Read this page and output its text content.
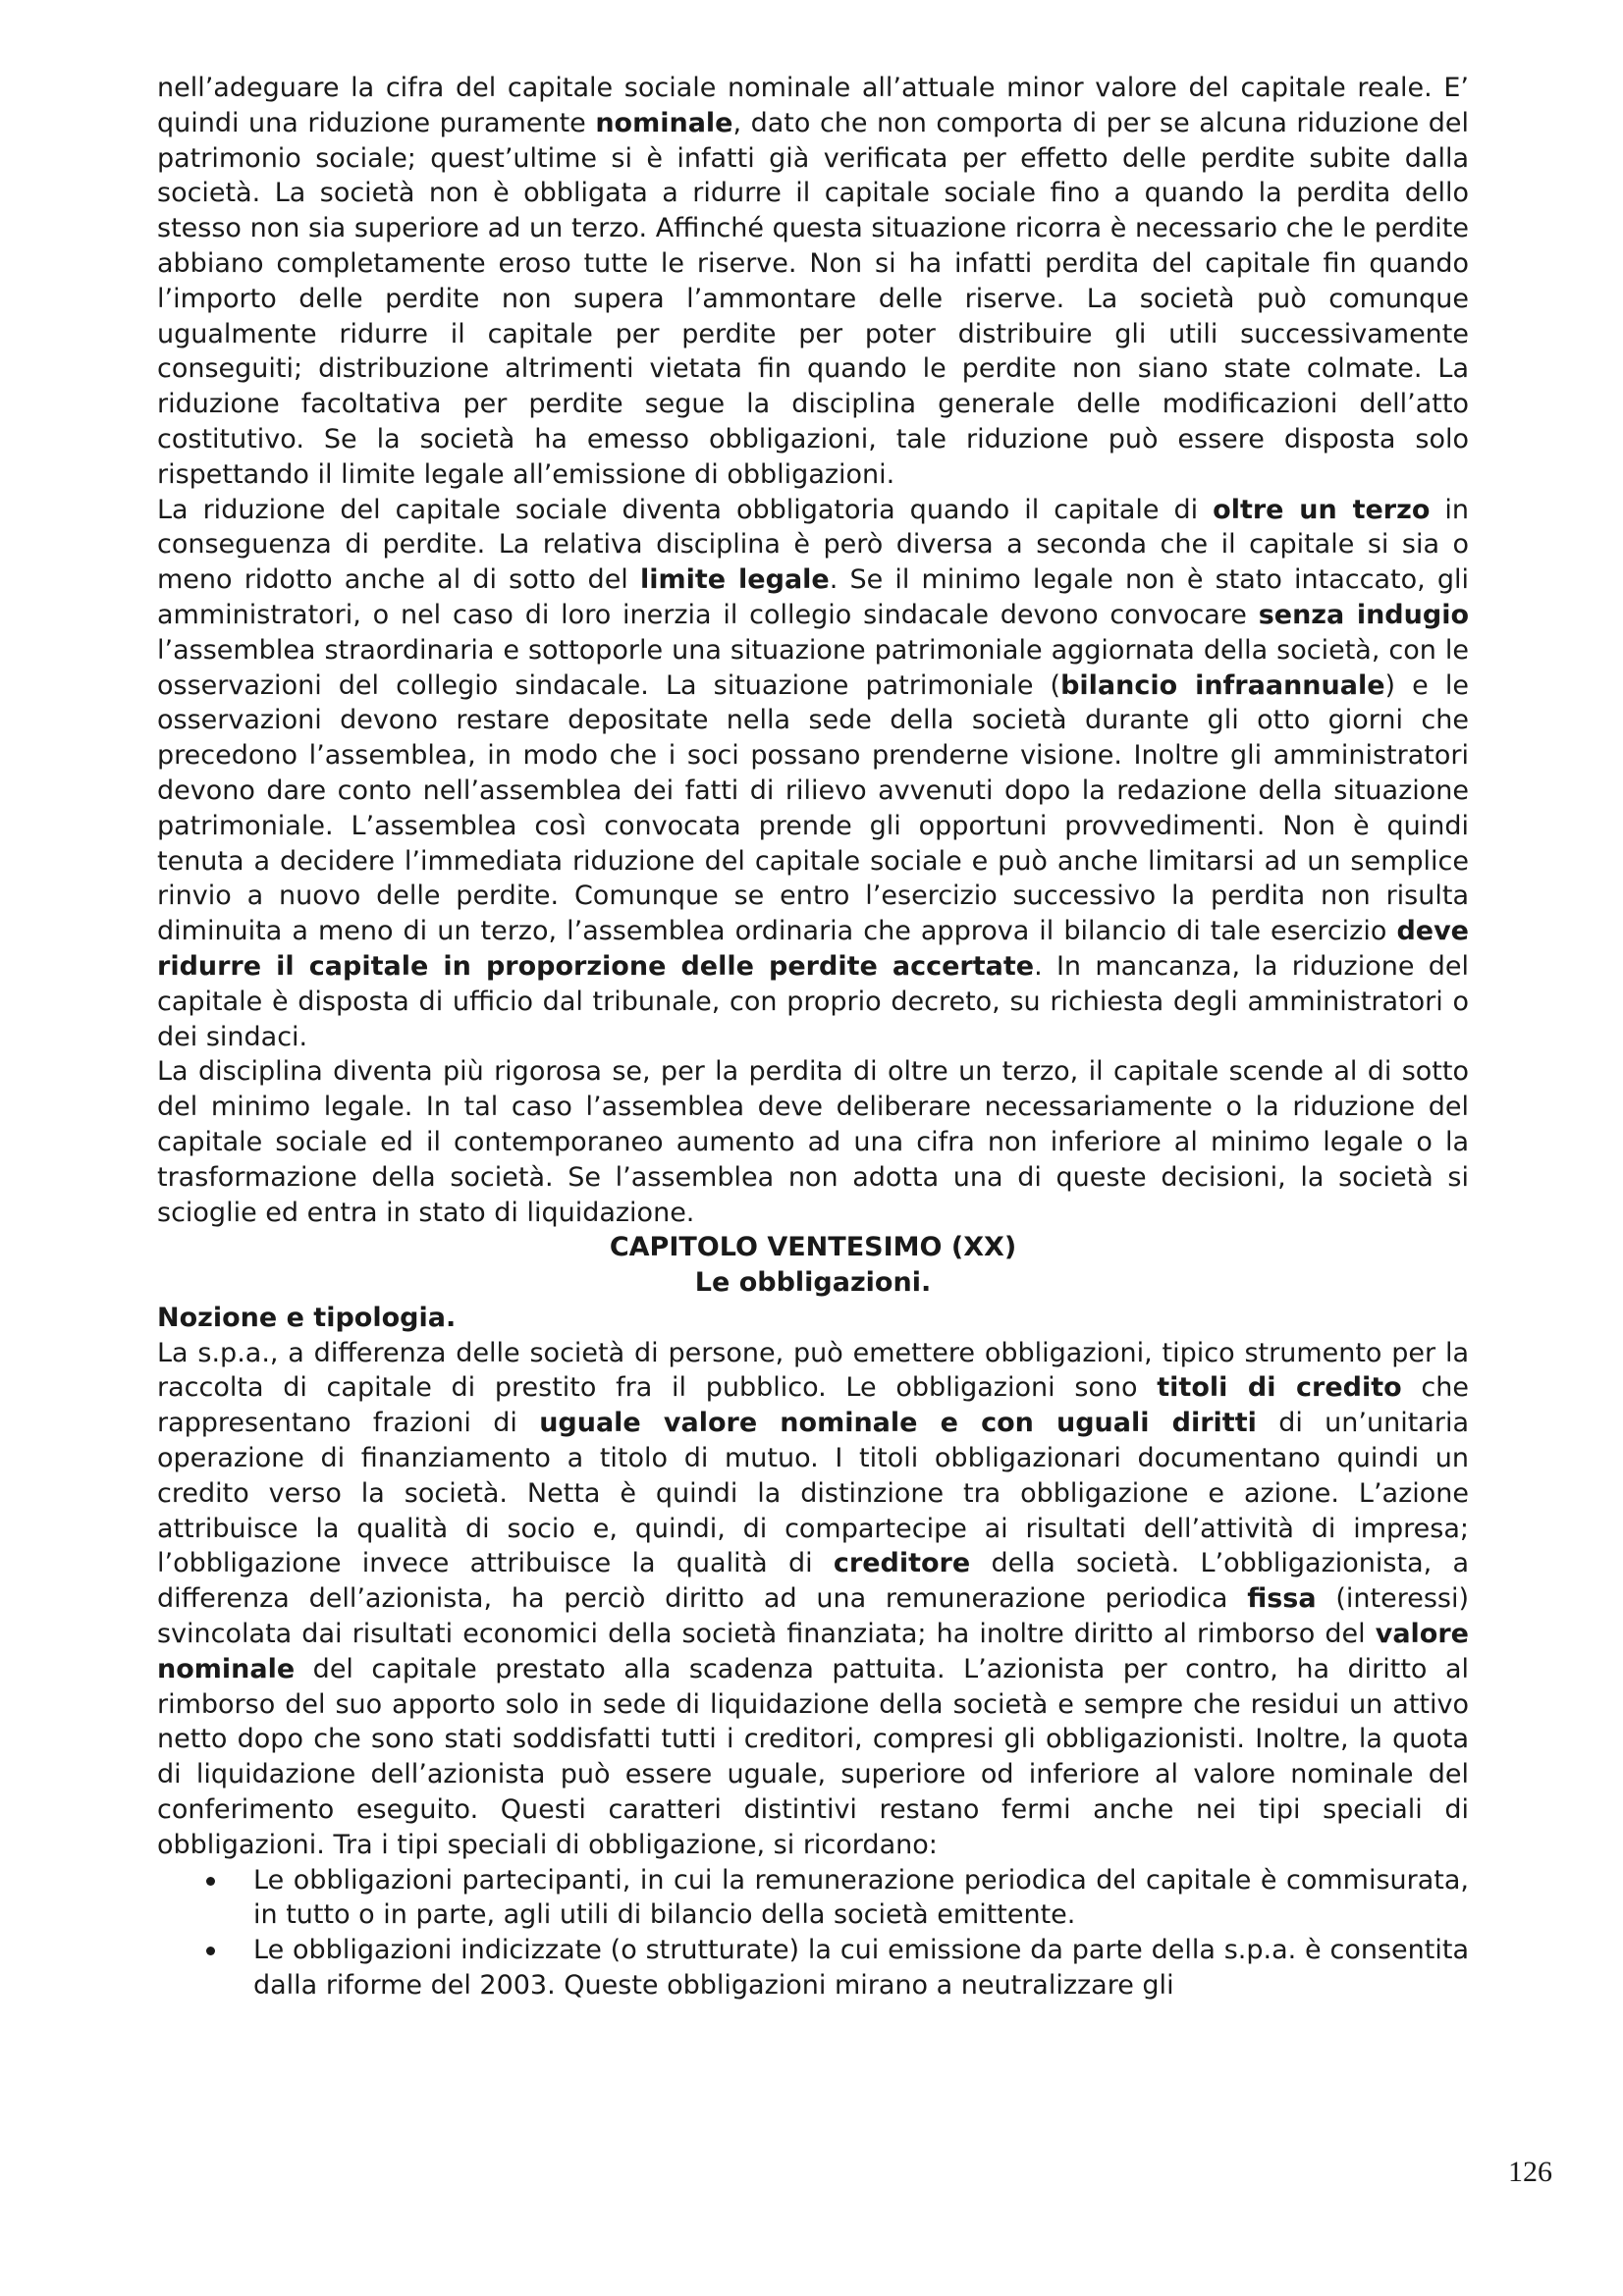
nell’adeguare la cifra del capitale sociale nominale all’attuale minor valore del capitale reale. E’ quindi una riduzione puramente nominale, dato che non comporta di per se alcuna riduzione del patrimonio sociale; quest’ultime si è infatti già verificata per effetto delle perdite subite dalla società. La società non è obbligata a ridurre il capitale sociale fino a quando la perdita dello stesso non sia superiore ad un terzo. Affinché questa situazione ricorra è necessario che le perdite abbiano completamente eroso tutte le riserve. Non si ha infatti perdita del capitale fin quando l’importo delle perdite non supera l’ammontare delle riserve. La società può comunque ugualmente ridurre il capitale per perdite per poter distribuire gli utili successivamente conseguiti; distribuzione altrimenti vietata fin quando le perdite non siano state colmate. La riduzione facoltativa per perdite segue la disciplina generale delle modificazioni dell’atto costitutivo. Se la società ha emesso obbligazioni, tale riduzione può essere disposta solo rispettando il limite legale all’emissione di obbligazioni.

La riduzione del capitale sociale diventa obbligatoria quando il capitale di oltre un terzo in conseguenza di perdite. La relativa disciplina è però diversa a seconda che il capitale si sia o meno ridotto anche al di sotto del limite legale. Se il minimo legale non è stato intaccato, gli amministratori, o nel caso di loro inerzia il collegio sindacale devono convocare senza indugio l’assemblea straordinaria e sottoporle una situazione patrimoniale aggiornata della società, con le osservazioni del collegio sindacale. La situazione patrimoniale (bilancio infraannuale) e le osservazioni devono restare depositate nella sede della società durante gli otto giorni che precedono l’assemblea, in modo che i soci possano prenderne visione. Inoltre gli amministratori devono dare conto nell’assemblea dei fatti di rilievo avvenuti dopo la redazione della situazione patrimoniale. L’assemblea così convocata prende gli opportuni provvedimenti. Non è quindi tenuta a decidere l’immediata riduzione del capitale sociale e può anche limitarsi ad un semplice rinvio a nuovo delle perdite. Comunque se entro l’esercizio successivo la perdita non risulta diminuita a meno di un terzo, l’assemblea ordinaria che approva il bilancio di tale esercizio deve ridurre il capitale in proporzione delle perdite accertate. In mancanza, la riduzione del capitale è disposta di ufficio dal tribunale, con proprio decreto, su richiesta degli amministratori o dei sindaci.

La disciplina diventa più rigorosa se, per la perdita di oltre un terzo, il capitale scende al di sotto del minimo legale. In tal caso l’assemblea deve deliberare necessariamente o la riduzione del capitale sociale ed il contemporaneo aumento ad una cifra non inferiore al minimo legale o la trasformazione della società. Se l’assemblea non adotta una di queste decisioni, la società si scioglie ed entra in stato di liquidazione.

CAPITOLO VENTESIMO (XX)

Le obbligazioni.

Nozione e tipologia.

La s.p.a., a differenza delle società di persone, può emettere obbligazioni, tipico strumento per la raccolta di capitale di prestito fra il pubblico. Le obbligazioni sono titoli di credito che rappresentano frazioni di uguale valore nominale e con uguali diritti di un’unitaria operazione di finanziamento a titolo di mutuo. I titoli obbligazionari documentano quindi un credito verso la società. Netta è quindi la distinzione tra obbligazione e azione. L’azione attribuisce la qualità di socio e, quindi, di compartecipe ai risultati dell’attività di impresa; l’obbligazione invece attribuisce la qualità di creditore della società. L’obbligazionista, a differenza dell’azionista, ha perciò diritto ad una remunerazione periodica fissa (interessi) svincolata dai risultati economici della società finanziata; ha inoltre diritto al rimborso del valore nominale del capitale prestato alla scadenza pattuita. L’azionista per contro, ha diritto al rimborso del suo apporto solo in sede di liquidazione della società e sempre che residui un attivo netto dopo che sono stati soddisfatti tutti i creditori, compresi gli obbligazionisti. Inoltre, la quota di liquidazione dell’azionista può essere uguale, superiore od inferiore al valore nominale del conferimento eseguito. Questi caratteri distintivi restano fermi anche nei tipi speciali di obbligazioni. Tra i tipi speciali di obbligazione, si ricordano:

Le obbligazioni partecipanti, in cui la remunerazione periodica del capitale è commisurata, in tutto o in parte, agli utili di bilancio della società emittente.
Le obbligazioni indicizzate (o strutturate) la cui emissione da parte della s.p.a. è consentita dalla riforme del 2003. Queste obbligazioni mirano a neutralizzare gli
126
